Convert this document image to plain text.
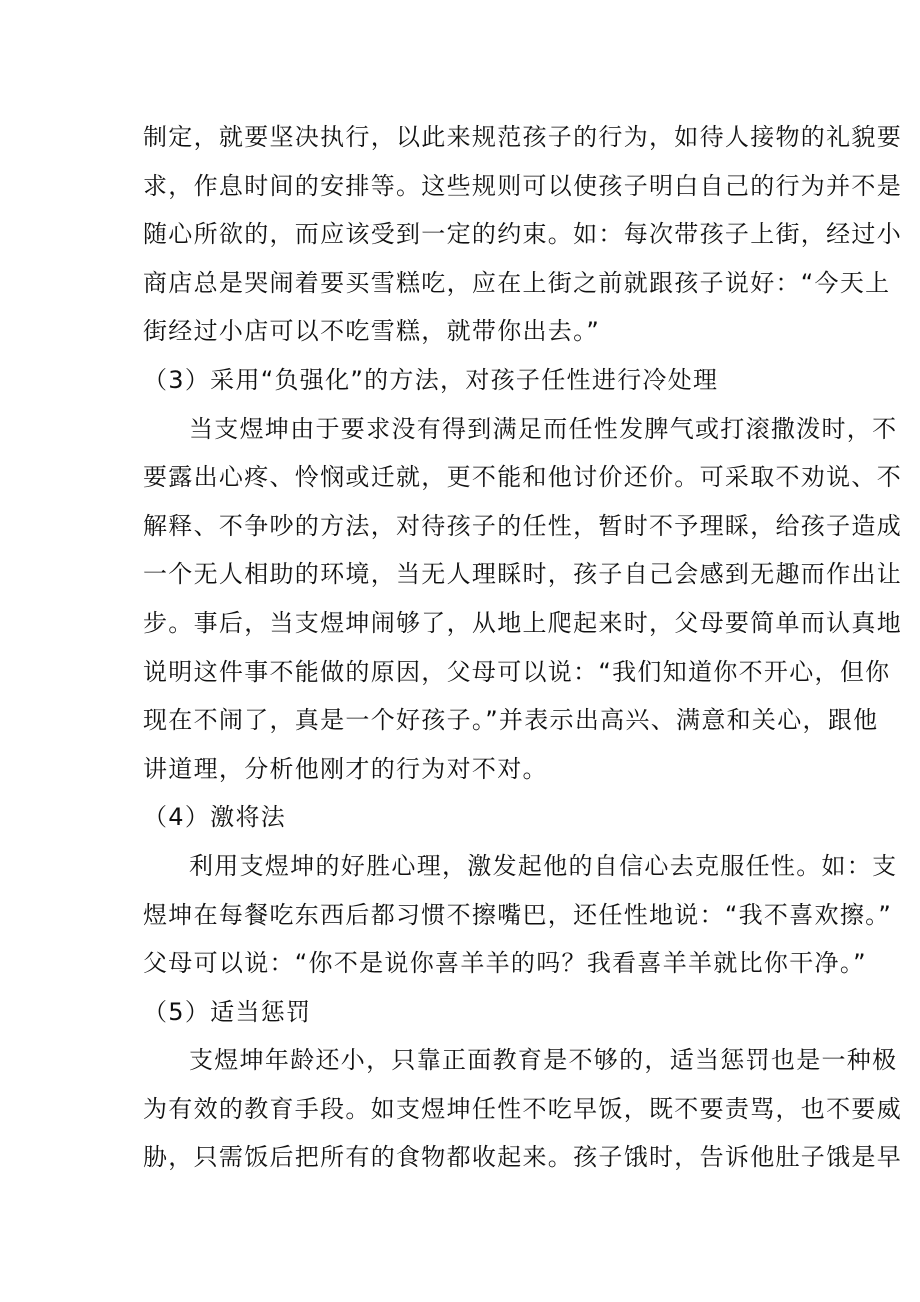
制定，就要坚决执行，以此来规范孩子的行为，如待人接物的礼貌要
求，作息时间的安排等。这些规则可以使孩子明白自己的行为并不是
随心所欲的，而应该受到一定的约束。如：每次带孩子上街，经过小
商店总是哭闹着要买雪糕吃，应在上街之前就跟孩子说好：“今天上
街经过小店可以不吃雪糕，就带你出去。”
（3）采用“负强化”的方法，对孩子任性进行冷处理
当支煜坤由于要求没有得到满足而任性发脾气或打滚撒泼时，不
要露出心疼、怜悯或迁就，更不能和他讨价还价。可采取不劝说、不
解释、不争吵的方法，对待孩子的任性，暂时不予理睬，给孩子造成
一个无人相助的环境，当无人理睬时，孩子自己会感到无趣而作出让
步。事后，当支煜坤闹够了，从地上爬起来时，父母要简单而认真地
说明这件事不能做的原因，父母可以说：“我们知道你不开心，但你
现在不闹了，真是一个好孩子。”并表示出高兴、满意和关心，跟他
讲道理，分析他刚才的行为对不对。
（4）激将法
利用支煜坤的好胜心理，激发起他的自信心去克服任性。如：支
煜坤在每餐吃东西后都习惯不擦嘴巴，还任性地说：“我不喜欢擦。”
父母可以说：“你不是说你喜羊羊的吗？我看喜羊羊就比你干净。”
（5）适当惩罚
支煜坤年龄还小，只靠正面教育是不够的，适当惩罚也是一种极
为有效的教育手段。如支煜坤任性不吃早饭，既不要责骂，也不要威
胁，只需饭后把所有的食物都收起来。孩子饿时，告诉他肚子饿是早
